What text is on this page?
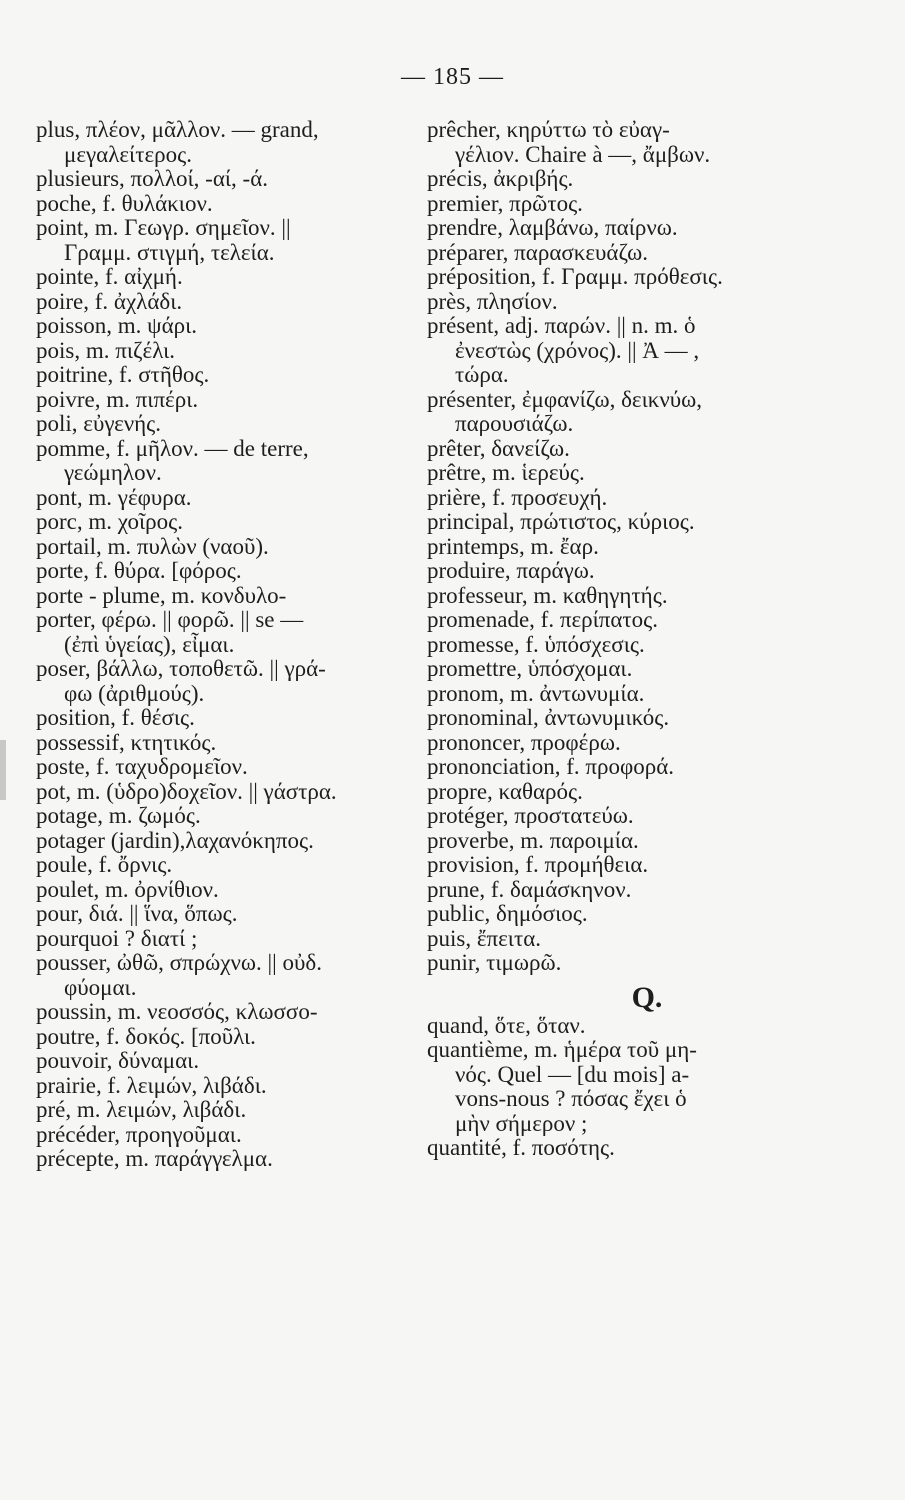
— 185 —
plus, πλέον, μᾶλλον. — grand,
μεγαλείτερος.
plusieurs, πολλοί, -αί, -ά.
poche, f. θυλάκιον.
point, m. Γεωγρ. σημεῖον. ||
Γραμμ. στιγμή, τελεία.
pointe, f. αἰχμή.
poire, f. ἀχλάδι.
poisson, m. ψάρι.
pois, m. πιζέλι.
poitrine, f. στῆθος.
poivre, m. πιπέρι.
poli, εὐγενής.
pomme, f. μῆλον. — de terre,
γεώμηλον.
pont, m. γέφυρα.
porc, m. χοῖρος.
portail, m. πυλὼν (ναοῦ).
porte, f. θύρα. [φόρος.
porte - plume, m. κονδυλο-
porter, φέρω. || φορῶ. || se —
(ἐπὶ ὑγείας), εἶμαι.
poser, βάλλω, τοποθετῶ. || γρά-
φω (ἀριθμούς).
position, f. θέσις.
possessif, κτητικός.
poste, f. ταχυδρομεῖον.
pot, m. (ὑδρο)δοχεῖον. || γάστρα.
potage, m. ζωμός.
potager (jardin),λαχανόκηπος.
poule, f. ὄρνις.
poulet, m. ὀρνίθιον.
pour, διά. || ἵνα, ὅπως.
pourquoi ? διατί ;
pousser, ὠθῶ, σπρώχνω. || οὐδ.
φύομαι.
poussin, m. νεοσσός, κλωσσο-
poutre, f. δοκός. [ποῦλι.
pouvoir, δύναμαι.
prairie, f. λειμών, λιβάδι.
pré, m. λειμών, λιβάδι.
précéder, προηγοῦμαι.
précepte, m. παράγγελμα.
prêcher, κηρύττω τὸ εὐαγ-
γέλιον. Chaire à —, ἄμβων.
précis, ἀκριβής.
premier, πρῶτος.
prendre, λαμβάνω, παίρνω.
préparer, παρασκευάζω.
préposition, f. Γραμμ. πρόθεσις.
près, πλησίον.
présent, adj. παρών. || n. m. ὁ
ἐνεστὼς (χρόνος). || Ἀ — ,
τώρα.
présenter, ἐμφανίζω, δεικνύω,
παρουσιάζω.
prêter, δανείζω.
prêtre, m. ἱερεύς.
prière, f. προσευχή.
principal, πρώτιστος, κύριος.
printemps, m. ἔαρ.
produire, παράγω.
professeur, m. καθηγητής.
promenade, f. περίπατος.
promesse, f. ὑπόσχεσις.
promettre, ὑπόσχομαι.
pronom, m. ἀντωνυμία.
pronominal, ἀντωνυμικός.
prononcer, προφέρω.
prononciation, f. προφορά.
propre, καθαρός.
protéger, προστατεύω.
proverbe, m. παροιμία.
provision, f. προμήθεια.
prune, f. δαμάσκηνον.
public, δημόσιος.
puis, ἔπειτα.
punir, τιμωρῶ.
Q.
quand, ὅτε, ὅταν.
quantième, m. ἡμέρα τοῦ μη-
νός. Quel — [du mois] a-
vons-nous ? πόσας ἔχει ὁ
μὴν σήμερον ;
quantité, f. ποσότης.
